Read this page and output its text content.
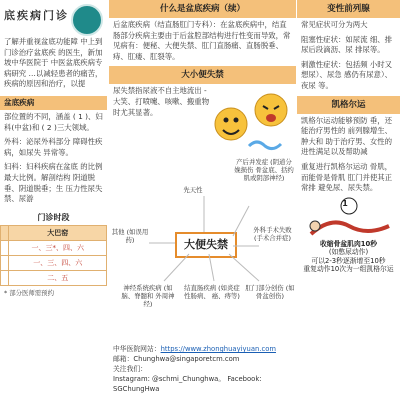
底疾病门诊
了解并重视盆底功能障 中上到门诊治疗盆底疾 的医生，新加坡中华医院于 中医盆底疾病专病研究 …以减轻患者的痛苦， 疾病的原因和治疗，以提
盆底疾病
部位置的不同，涵盖 ( 1 )、妇科(中盆)和 ( 2 )三大领域。
外科：泌尿外科部分 障碍性疾病，如尿失 异常等。
妇科：妇科疾病在盆底 的比例最大比例。解剖结构 阴道脱垂、阴道脱垂；生 压力性尿失禁、尿游
门诊时段
	大巴窑
	一、三*、四、六
	一、三、四、六
	二、五
* 部分医师需预约
什么是盆底疾病（续）
后盆底疾病（结直肠肛门专科）：在盆底疾病中，结直肠部分疾病主要由于后盆腔部结构进行性变而导致，常见病有：便秘、大便失禁、肛门直肠痛、直肠脱垂、痔、肛瘘、肛裂等。
大小便失禁
尿失禁指尿液不自主地流出 - 大笑、打喷嚏、咳嗽、搬重物时尤其显著。
大便失禁
产后并发症 (阴道分娩损伤 骨盆底、括约 肌或阴部神经)
先天性
外科手术失败 (手术合并症)
其他 (如误用 药)
神经系统疾病 (如脑、脊髓和 外周神经)
结直肠疾病 (如炎症性肠病、 癌、痔等)
肛门部分创伤 (如骨盆创伤)
中华医院网站：https://www.zhonghuayiyuan.com
邮箱：Chunghwa@singaporetcm.com
关注我们：
Instagram: @schmi_Chunghwa。 Facebook: SGChungHwa
变性前列腺
常见症状可分为两大
阻塞性症状：如尿流 细、排尿后段滴沥、尿 排尿等。
刺激性症状：包括频 小时又想尿）、尿急 感仍有尿意）、夜尿 等。
凯格尔运
凯格尔运动能够预防 垂，还能治疗男性的 前列腺增生、肿大和 助于治疗男、女性的 进性满足以及帮助减
重复进行凯格尔运动 骨肌，而能骨是骨肌 肛门并使其正常排 避免尿、尿失禁。
1
收缩骨盆肌肉10秒
(如憋尿动作)
可以2-3秒逐渐增至10秒
重复动作10次为一组凯格尔运
